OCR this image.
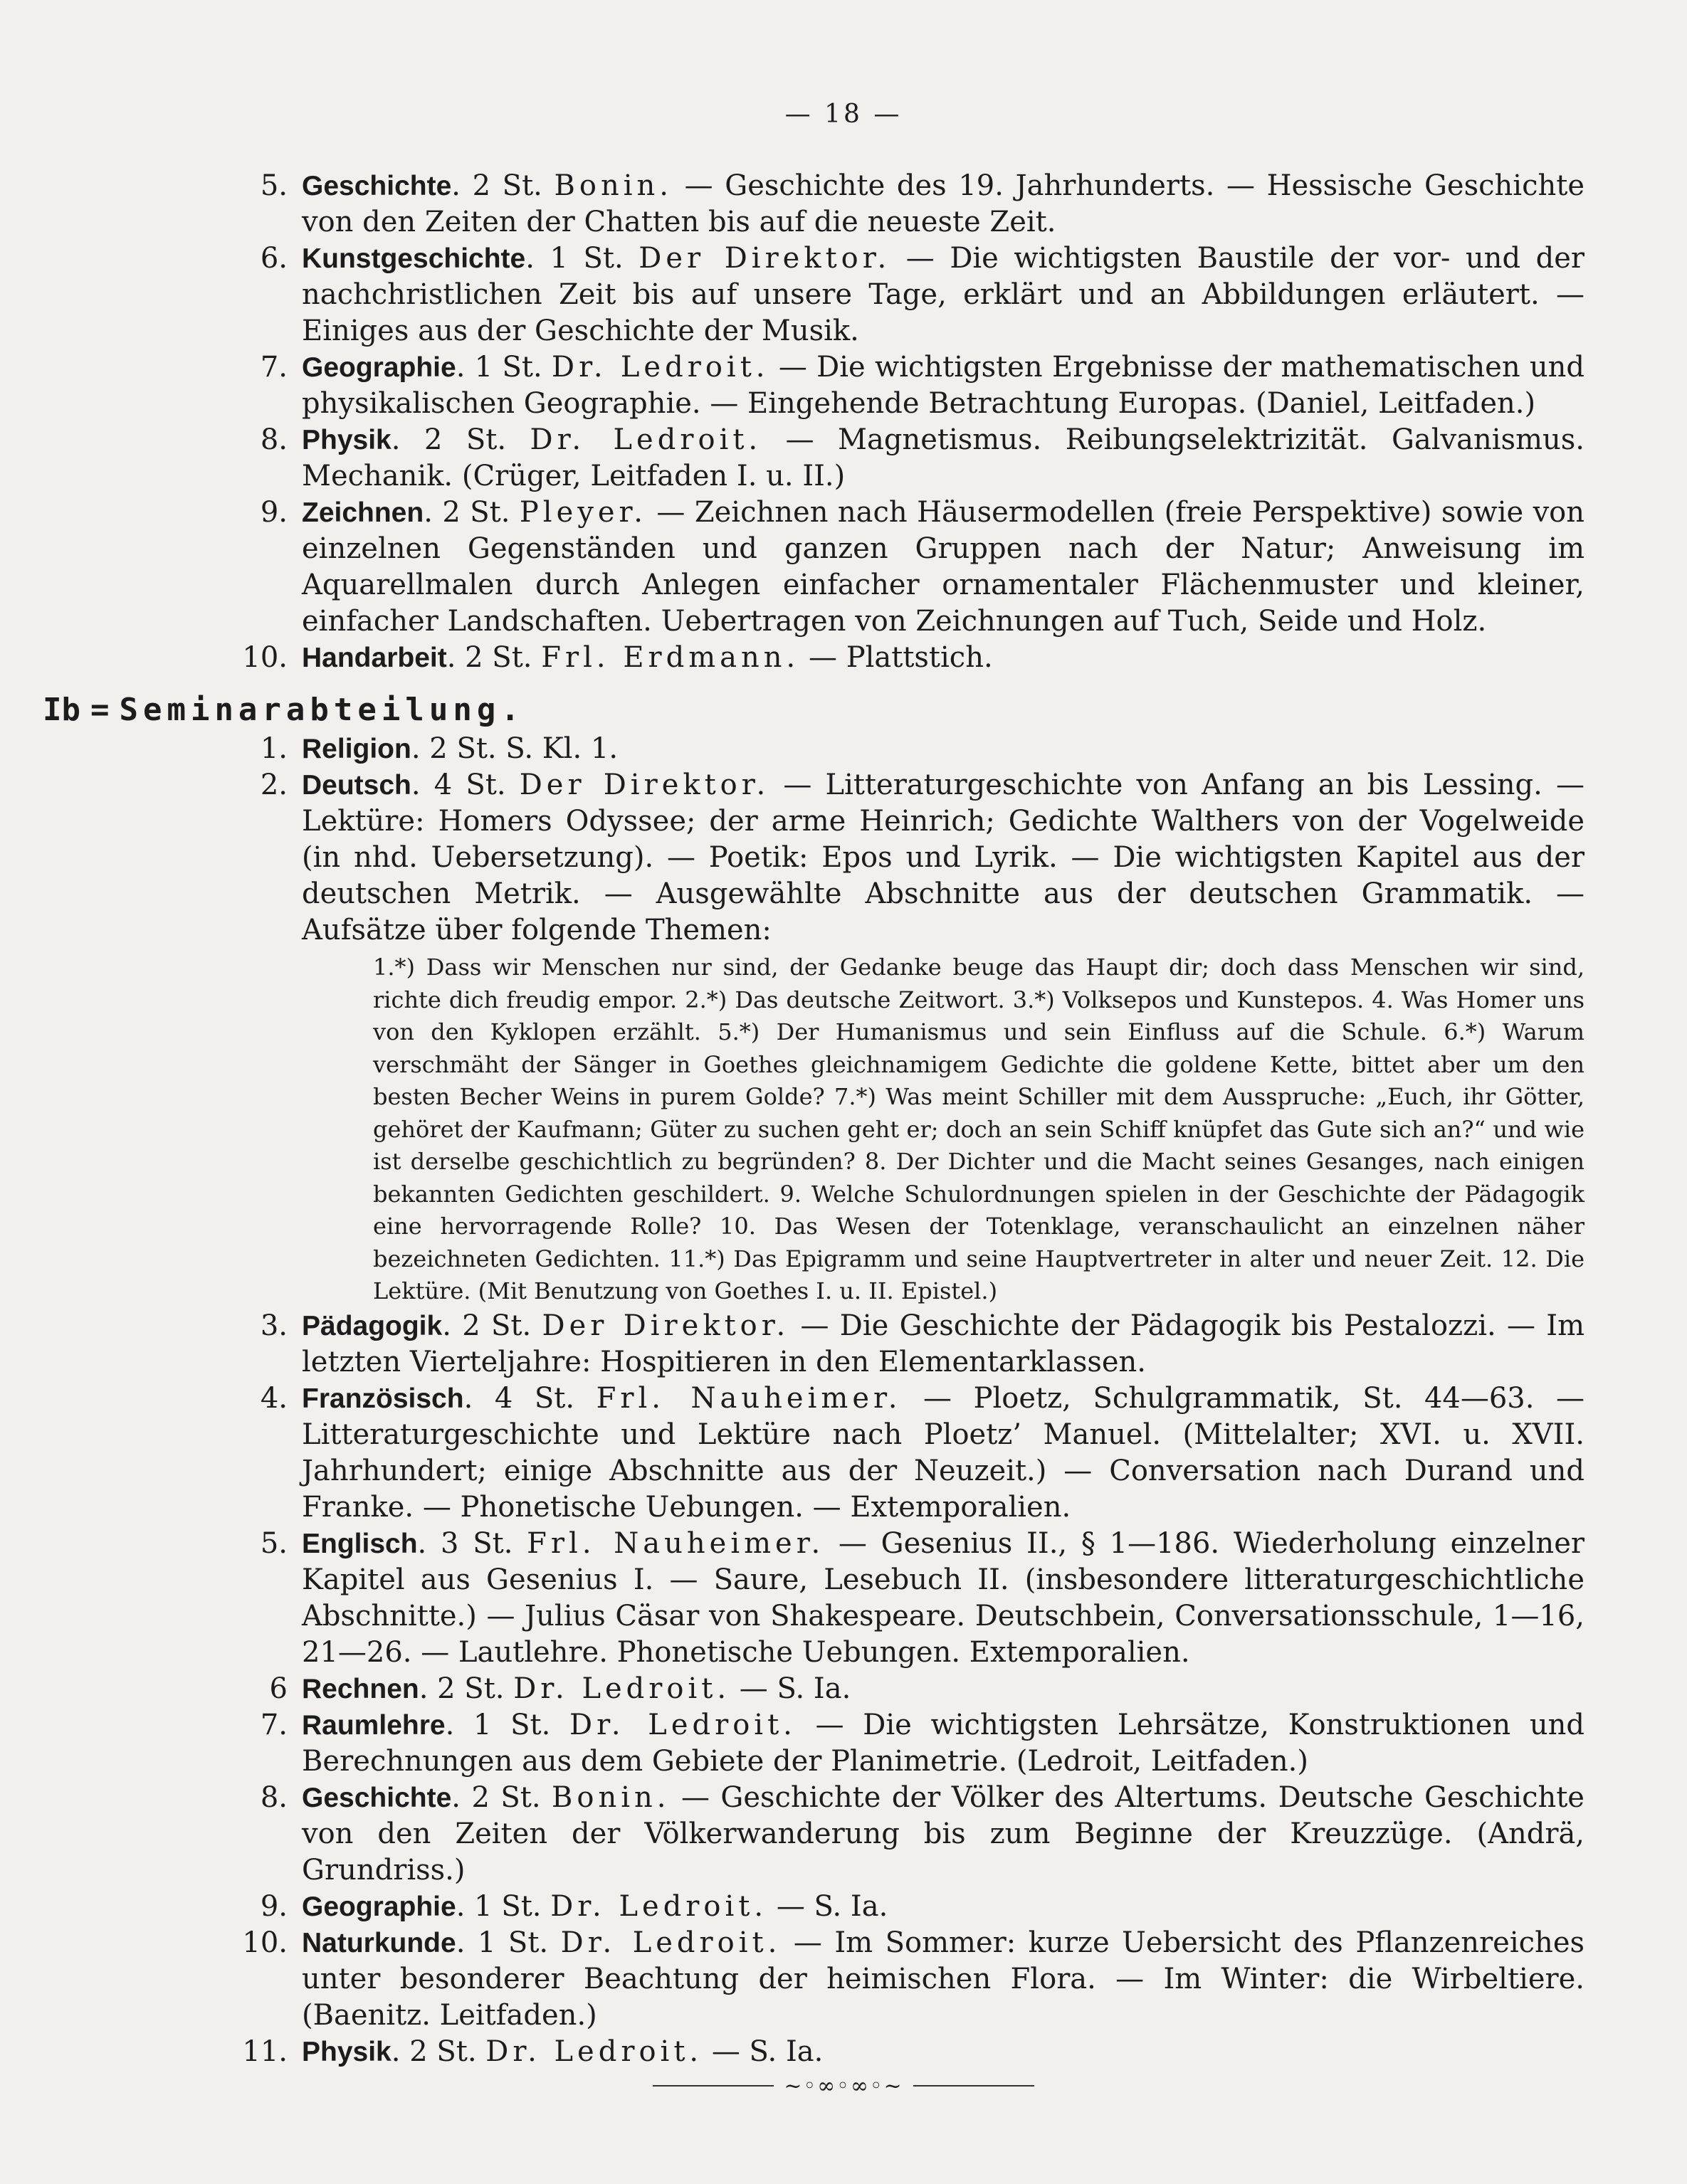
— 18 —
5. Geschichte. 2 St. Bonin. — Geschichte des 19. Jahrhunderts. — Hessische Geschichte von den Zeiten der Chatten bis auf die neueste Zeit.
6. Kunstgeschichte. 1 St. Der Direktor. — Die wichtigsten Baustile der vor- und der nachchristlichen Zeit bis auf unsere Tage, erklärt und an Abbildungen erläutert. — Einiges aus der Geschichte der Musik.
7. Geographie. 1 St. Dr. Ledroit. — Die wichtigsten Ergebnisse der mathematischen und physikalischen Geographie. — Eingehende Betrachtung Europas. (Daniel, Leitfaden.)
8. Physik. 2 St. Dr. Ledroit. — Magnetismus. Reibungselektrizität. Galvanismus. Mechanik. (Crüger, Leitfaden I. u. II.)
9. Zeichnen. 2 St. Pleyer. — Zeichnen nach Häusermodellen (freie Perspektive) sowie von einzelnen Gegenständen und ganzen Gruppen nach der Natur; Anweisung im Aquarellmalen durch Anlegen einfacher ornamentaler Flächenmuster und kleiner, einfacher Landschaften. Uebertragen von Zeichnungen auf Tuch, Seide und Holz.
10. Handarbeit. 2 St. Frl. Erdmann. — Plattstich.
Ib = Seminarabteilung.
1. Religion. 2 St. S. Kl. 1.
2. Deutsch. 4 St. Der Direktor. — Litteraturgeschichte von Anfang an bis Lessing. — Lektüre: Homers Odyssee; der arme Heinrich; Gedichte Walthers von der Vogelweide (in nhd. Uebersetzung). — Poetik: Epos und Lyrik. — Die wichtigsten Kapitel aus der deutschen Metrik. — Ausgewählte Abschnitte aus der deutschen Grammatik. — Aufsätze über folgende Themen:
1.*) Dass wir Menschen nur sind, der Gedanke beuge das Haupt dir; doch dass Menschen wir sind, richte dich freudig empor. 2.*) Das deutsche Zeitwort. 3.*) Volksepos und Kunstepos. 4. Was Homer uns von den Kyklopen erzählt. 5.*) Der Humanismus und sein Einfluss auf die Schule. 6.*) Warum verschmäht der Sänger in Goethes gleichnamigem Gedichte die goldene Kette, bittet aber um den besten Becher Weins in purem Golde? 7.*) Was meint Schiller mit dem Ausspruche: „Euch, ihr Götter, gehöret der Kaufmann; Güter zu suchen geht er; doch an sein Schiff knüpfet das Gute sich an?“ und wie ist derselbe geschichtlich zu begründen? 8. Der Dichter und die Macht seines Gesanges, nach einigen bekannten Gedichten geschildert. 9. Welche Schulordnungen spielen in der Geschichte der Pädagogik eine hervorragende Rolle? 10. Das Wesen der Totenklage, veranschaulicht an einzelnen näher bezeichneten Gedichten. 11.*) Das Epigramm und seine Hauptvertreter in alter und neuer Zeit. 12. Die Lektüre. (Mit Benutzung von Goethes I. u. II. Epistel.)
3. Pädagogik. 2 St. Der Direktor. — Die Geschichte der Pädagogik bis Pestalozzi. — Im letzten Vierteljahre: Hospitieren in den Elementarklassen.
4. Französisch. 4 St. Frl. Nauheimer. — Ploetz, Schulgrammatik, St. 44—63. — Litteraturgeschichte und Lektüre nach Ploetz’ Manuel. (Mittelalter; XVI. u. XVII. Jahrhundert; einige Abschnitte aus der Neuzeit.) — Conversation nach Durand und Franke. — Phonetische Uebungen. — Extemporalien.
5. Englisch. 3 St. Frl. Nauheimer. — Gesenius II., § 1—186. Wiederholung einzelner Kapitel aus Gesenius I. — Saure, Lesebuch II. (insbesondere litteraturgeschichtliche Abschnitte.) — Julius Cäsar von Shakespeare. Deutschbein, Conversationsschule, 1—16, 21—26. — Lautlehre. Phonetische Uebungen. Extemporalien.
6 Rechnen. 2 St. Dr. Ledroit. — S. Ia.
7. Raumlehre. 1 St. Dr. Ledroit. — Die wichtigsten Lehrsätze, Konstruktionen und Berechnungen aus dem Gebiete der Planimetrie. (Ledroit, Leitfaden.)
8. Geschichte. 2 St. Bonin. — Geschichte der Völker des Altertums. Deutsche Geschichte von den Zeiten der Völkerwanderung bis zum Beginne der Kreuzzüge. (Andrä, Grundriss.)
9. Geographie. 1 St. Dr. Ledroit. — S. Ia.
10. Naturkunde. 1 St. Dr. Ledroit. — Im Sommer: kurze Uebersicht des Pflanzenreiches unter besonderer Beachtung der heimischen Flora. — Im Winter: die Wirbeltiere. (Baenitz. Leitfaden.)
11. Physik. 2 St. Dr. Ledroit. — S. Ia.
~◦∞◦∞◦~
